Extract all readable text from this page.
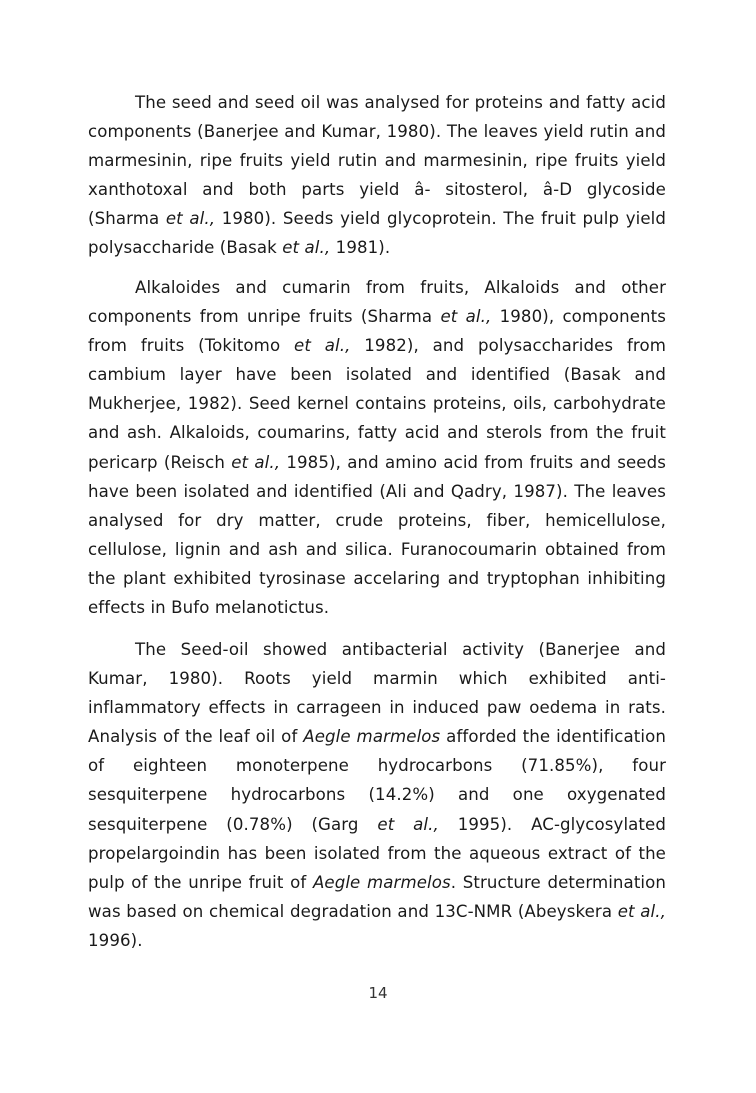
The seed and seed oil was analysed for proteins and fatty acid components (Banerjee and Kumar, 1980). The leaves yield rutin and marmesinin, ripe fruits yield rutin and marmesinin, ripe fruits yield xanthotoxal and both parts yield â- sitosterol, â-D glycoside (Sharma et al., 1980). Seeds yield glycoprotein. The fruit pulp yield polysaccharide (Basak et al., 1981).

Alkaloides and cumarin from fruits, Alkaloids and other components from unripe fruits (Sharma et al., 1980), components from fruits (Tokitomo et al., 1982), and polysaccharides from cambium layer have been isolated and identified (Basak and Mukherjee, 1982). Seed kernel contains proteins, oils, carbohydrate and ash. Alkaloids, coumarins, fatty acid and sterols from the fruit pericarp (Reisch et al., 1985), and amino acid from fruits and seeds have been isolated and identified (Ali and Qadry, 1987). The leaves analysed for dry matter, crude proteins, fiber, hemicellulose, cellulose, lignin and ash and silica. Furanocoumarin obtained from the plant exhibited tyrosinase accelaring and tryptophan inhibiting effects in Bufo melanotictus.

The Seed-oil showed antibacterial activity (Banerjee and Kumar, 1980). Roots yield marmin which exhibited anti-inflammatory effects in carrageen in induced paw oedema in rats. Analysis of the leaf oil of Aegle marmelos afforded the identification of eighteen monoterpene hydrocarbons (71.85%), four sesquiterpene hydrocarbons (14.2%) and one oxygenated sesquiterpene (0.78%) (Garg et al., 1995). AC-glycosylated propelargoindin has been isolated from the aqueous extract of the pulp of the unripe fruit of Aegle marmelos. Structure determination was based on chemical degradation and 13C-NMR (Abeyskera et al., 1996).

14
